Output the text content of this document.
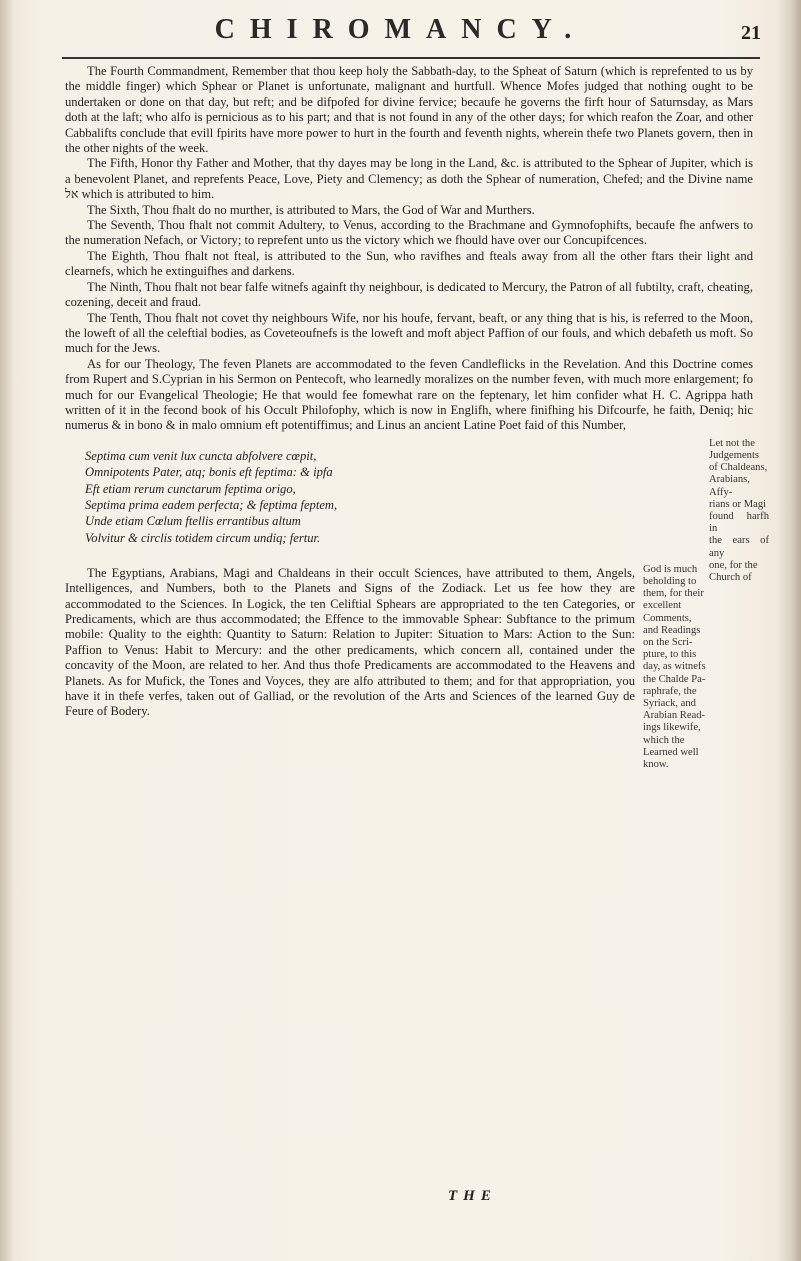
CHIROMANCY.	21

The Fourth Commandment, Remember that thou keep holy the Sabbath-day, to the Spheat of Saturn (which is reprefented to us by the middle finger) which Sphear or Planet is unfortunate, malignant and hurtfull. Whence Mofes judged that nothing ought to be undertaken or done on that day, but reft; and be difpofed for divine fervice; becaufe he governs the firft hour of Saturnsday, as Mars doth at the laft; who alfo is pernicious as to his part; and that is not found in any of the other days; for which reafon the Zoar, and other Cabbalifts conclude that evill fpirits have more power to hurt in the fourth and feventh nights, wherein thefe two Planets govern, then in the other nights of the week.

The Fifth, Honor thy Father and Mother, that thy dayes may be long in the Land, &c. is attributed to the Sphear of Jupiter, which is a benevolent Planet, and reprefents Peace, Love, Piety and Clemency; as doth the Sphear of numeration, Chefed; and the Divine name אל which is attributed to him.

The Sixth, Thou fhalt do no murther, is attributed to Mars, the God of War and Murthers.

The Seventh, Thou fhalt not commit Adultery, to Venus, according to the Brachmane and Gymnofophifts, becaufe fhe anfwers to the numeration Nefach, or Victory; to reprefent unto us the victory which we fhould have over our Concupifcences.

The Eighth, Thou fhalt not fteal, is attributed to the Sun, who ravifhes and fteals away from all the other ftars their light and clearnefs, which he extinguifhes and darkens.

The Ninth, Thou fhalt not bear falfe witnefs againft thy neighbour, is dedicated to Mercury, the Patron of all fubtilty, craft, cheating, cozening, deceit and fraud.

The Tenth, Thou fhalt not covet thy neighbours Wife, nor his houfe, fervant, beaft, or any thing that is his, is referred to the Moon, the loweft of all the celeftial bodies, as Coveteoufnefs is the loweft and moft abject Paffion of our fouls, and which debafeth us moft. So much for the Jews.

As for our Theology, The feven Planets are accommodated to the feven Candleflicks in the Revelation. And this Doctrine comes from Rupert and S.Cyprian in his Sermon on Pentecoft, who learnedly moralizes on the number feven, with much more enlargement; fo much for our Evangelical Theologie; He that would fee fomewhat rare on the feptenary, let him confider what H. C. Agrippa hath written of it in the fecond book of his Occult Philofophy, which is now in Englifh, where finifhing his Difcourfe, he faith, Deniq; hic numerus & in bono & in malo omnium eft potentiffimus; and Linus an ancient Latine Poet faid of this Number,

Septima cum venit lux cuncta abfolvere cœpit,
Omnipotents Pater, atq; bonis eft feptima: & ipfa
Eft etiam rerum cunctarum feptima origo,
Septima prima eadem perfecta; & feptima feptem,
Unde etiam Cœlum ftellis errantibus altum
Volvitur & circlis totidem circum undiq; fertur.
Let not the
Judgements
of Chaldeans,
Arabians, Affy-
rians or Magi
found harfh in
the ears of any
one, for the
Church of

The Egyptians, Arabians, Magi and Chaldeans in their occult Sciences, have attributed to them, Angels, Intelligences, and Numbers, both to the Planets and Signs of the Zodiack. Let us fee how they are accommodated to the Sciences. In Logick, the ten Celiftial Sphears are appropriated to the ten Categories, or Predicaments, which are thus accommodated; the Effence to the immovable Sphear: Subftance to the primum mobile: Quality to the eighth: Quantity to Saturn: Relation to Jupiter: Situation to Mars: Action to the Sun: Paffion to Venus: Habit to Mercury: and the other predicaments, which concern all, contained under the concavity of the Moon, are related to her. And thus thofe Predicaments are accommodated to the Heavens and Planets. As for Mufick, the Tones and Voyces, they are alfo attributed to them; and for that appropriation, you have it in thefe verfes, taken out of Galliad, or the revolution of the Arts and Sciences of the learned Guy de Feure of Bodery.

God is much
beholding to
them, for their
excellent
Comments,
and Readings
on the Scri-
pture, to this
day, as witnefs
the Chalde Pa-
raphrafe, the
Syriack, and
Arabian Read-
ings likewife,
which the
Learned well
know.
THE
